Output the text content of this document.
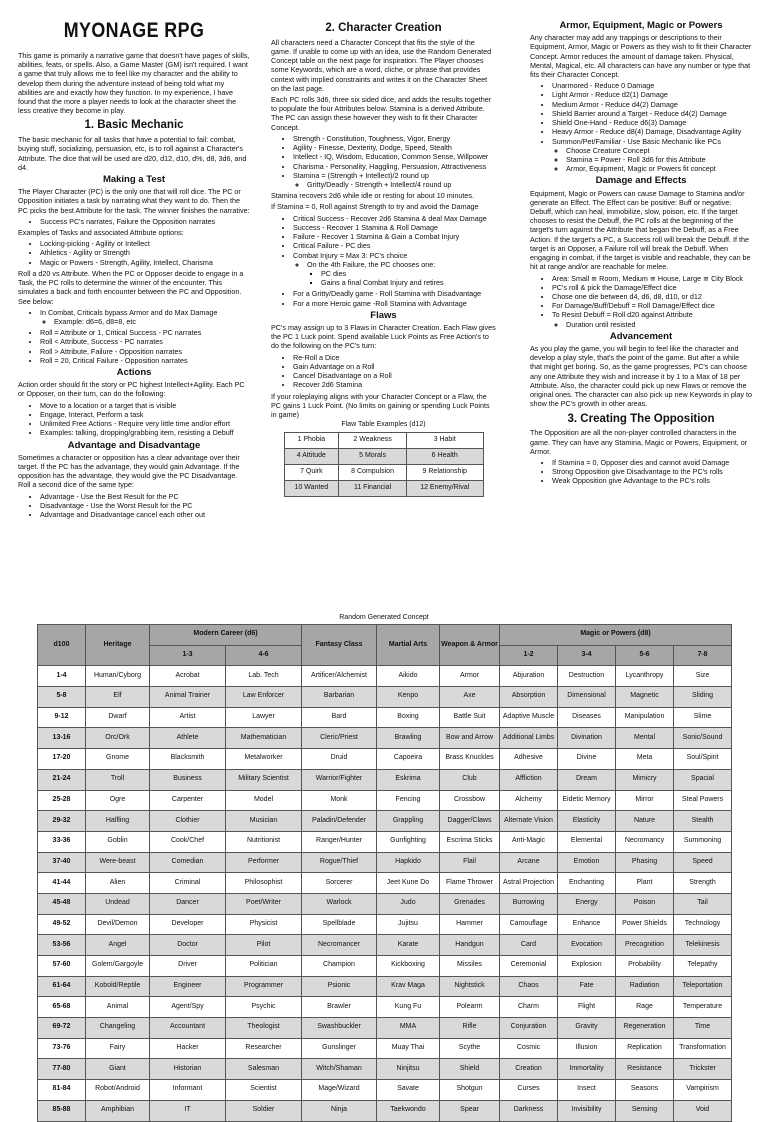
MYONAGE RPG

This game is primarily a narrative game that doesn't have pages of skills, abilities, feats, or spells. Also, a Game Master (GM) isn't required. I want a game that truly allows me to feel like my character and the ability to develop them during the adventure instead of being told what my abilities are and exactly how they function. In my experience, I have found that the more a player needs to look at the character sheet the less creative they become in play.

1. Basic Mechanic

The basic mechanic for all tasks that have a potential to fail: combat, buying stuff, socializing, persuasion, etc, is to roll against a Character's Attribute. The dice that will be used are d20, d12, d10, d%, d8, 3d6, and d4.

Making a Test

The Player Character (PC) is the only one that will roll dice. The PC or Opposition initiates a task by narrating what they want to do. Then the PC picks the best Attribute for the task. The winner finishes the narrative:

• Success PC's narrates, Failure the Opposition narrates

Examples of Tasks and associated Attribute options:

• Locking-picking - Agility or Intellect
• Athletics - Agility or Strength
• Magic or Powers - Strength, Agility, Intellect, Charisma

Roll a d20 vs Attribute. When the PC or Opposer decide to engage in a Task, the PC rolls to determine the winner of the encounter. This simulates a back and forth encounter between the PC and Opposition. See below:

• In Combat, Criticals bypass Armor and do Max Damage
◦ Example: d6=6, d8=8, etc
• Roll = Attribute or 1, Critical Success - PC narrates
• Roll < Attribute, Success - PC narrates
• Roll > Attribute, Failure - Opposition narrates
• Roll = 20, Critical Failure - Opposition narrates
Actions

Action order should fit the story or PC highest Intellect+Agility. Each PC or Opposer, on their turn, can do the following:

• Move to a location or a target that is visible
• Engage, Interact, Perform a task
• Unlimited Free Actions - Require very little time and/or effort
• Examples: talking, dropping/grabbing item, resisting a Debuff
Advantage and Disadvantage

Sometimes a character or opposition has a clear advantage over their target. If the PC has the advantage, they would gain Advantage. If the opposition has the advantage, they would give the PC Disadvantage. Roll a second dice of the same type:

• Advantage - Use the Best Result for the PC
• Disadvantage - Use the Worst Result for the PC
• Advantage and Disadvantage cancel each other out
2. Character Creation

All characters need a Character Concept that fits the style of the game. If unable to come up with an idea, use the Random Generated Concept table on the next page for inspiration. The Player chooses some Keywords, which are a word, cliche, or phrase that provides context with implied constraints and writes it on the Character Sheet on the last page.

Each PC rolls 3d6, three six sided dice, and adds the results together to populate the four Attributes below. Stamina is a derived Attribute. The PC can assign these however they wish to fit their Character Concept.

• Strength - Constitution, Toughness, Vigor, Energy
• Agility - Finesse, Dexterity, Dodge, Speed, Stealth
• Intellect - IQ, Wisdom, Education, Common Sense, Willpower
• Charisma - Personality, Haggling, Persuasion, Attractiveness
• Stamina = (Strength + Intellect)/2 round up
◦ Gritty/Deadly - Strength + Intellect/4 round up

Stamina recovers 2d6 while idle or resting for about 10 minutes.

If Stamina = 0, Roll against Strength to try and avoid the Damage

• Critical Success - Recover 2d6 Stamina & deal Max Damage
• Success - Recover 1 Stamina & Roll Damage
• Failure - Recover 1 Stamina & Gain a Combat Injury
• Critical Failure - PC dies
• Combat Injury = Max 3: PC's choice
◦ On the 4th Failure, the PC chooses one:
▪ PC dies
▪ Gains a final Combat Injury and retires
• For a Gritty/Deadly game - Roll Stamina with Disadvantage
• For a more Heroic game -Roll Stamina with Advantage
Flaws

PC's may assign up to 3 Flaws in Character Creation. Each Flaw gives the PC 1 Luck point. Spend available Luck Points as Free Action's to do the following on the PC's turn:

• Re-Roll a Dice
• Gain Advantage on a Roll
• Cancel Disadvantage on a Roll
• Recover 2d6 Stamina

If your roleplaying aligns with your Character Concept or a Flaw, the PC gains 1 Luck Point. (No limits on gaining or spending Luck Points in game)

Flaw Table Examples (d12)
1 Phobia	2 Weakness	3 Habit
4 Attitude	5 Morals	6 Health
7 Quirk	8 Compulsion	9 Relationship
10 Wanted	11 Financial	12 Enemy/Rival
Armor, Equipment, Magic or Powers

Any character may add any trappings or descriptions to their Equipment, Armor, Magic or Powers as they wish to fit their Character Concept. Armor reduces the amount of damage taken. Physical, Mental, Magical, etc. All characters can have any number or type that fits their Character Concept.

• Unarmored - Reduce 0 Damage
• Light Armor - Reduce d2(1) Damage
• Medium Armor - Reduce d4(2) Damage
• Shield Barrier around a Target - Reduce d4(2) Damage
• Shield One-Hand - Reduce d6(3) Damage
• Heavy Armor - Reduce d8(4) Damage, Disadvantage Agility
• Summon/Pet/Familiar - Use Basic Mechanic like PCs
◦ Choose Creature Concept
◦ Stamina = Power - Roll 3d6 for this Attribute
◦ Armor, Equipment, Magic or Powers fit concept
Damage and Effects

Equipment, Magic or Powers can cause Damage to Stamina and/or generate an Effect. The Effect can be positive: Buff or negative: Debuff, which can heal, immobilize, slow, poison, etc. If the target chooses to resist the Debuff, the PC rolls at the beginning of the target's turn against the Attribute that began the Debuff, as a Free Action. If the target's a PC, a Success roll will break the Debuff. If the target is an Opposer, a Failure roll will break the Debuff. When engaging in combat, if the target is visible and reachable, they can be hit at range and/or are reachable for melee.

• Area: Small ≅ Room, Medium ≅ House, Large ≅ City Block
• PC's roll & pick the Damage/Effect dice
• Chose one die between d4, d6, d8, d10, or d12
• For Damage/Buff/Debuff = Roll Damage/Effect dice
• To Resist Debuff = Roll d20 against Attribute
◦ Duration until resisted
Advancement

As you play the game, you will begin to feel like the character and develop a play style, that's the point of the game. But after a while that might get boring. So, as the game progresses, PC's can choose any one Attribute they wish and increase it by 1 to a Max of 18 per Attribute. Also, the character could pick up new Flaws or remove the original ones. The character can also pick up new Keywords in play to show the PC's growth in other areas.

3. Creating The Opposition

The Opposition are all the non-player controlled characters in the game. They can have any Stamina, Magic or Powers, Equipment, or Armor.

• If Stamina = 0, Opposer dies and cannot avoid Damage
• Strong Opposition give Disadvantage to the PC's rolls
• Weak Opposition give Advantage to the PC's rolls
Random Generated Concept
d100	Heritage	Modern Career (d6)		Fantasy Class	Martial Arts	Weapon & Armor	Magic or Powers (d8)			
		1-3	4-6				1-2	3-4	5-6	7-8
1-4	Human/Cyborg	Acrobat	Lab. Tech	Artificer/Alchemist	Aikido	Armor	Abjuration	Destruction	Lycanthropy	Size
5-8	Elf	Animal Trainer	Law Enforcer	Barbarian	Kenpo	Axe	Absorption	Dimensional	Magnetic	Sliding
9-12	Dwarf	Artist	Lawyer	Bard	Boxing	Battle Suit	Adaptive Muscle	Diseases	Manipulation	Slime
13-16	Orc/Ork	Athlete	Mathematician	Cleric/Priest	Brawling	Bow and Arrow	Additional Limbs	Divination	Mental	Sonic/Sound
17-20	Gnome	Blacksmith	Metalworker	Druid	Capoeira	Brass Knuckles	Adhesive	Divine	Meta	Soul/Spirit
21-24	Troll	Business	Military Scientist	Warrior/Fighter	Eskrima	Club	Affliction	Dream	Mimicry	Spacial
25-28	Ogre	Carpenter	Model	Monk	Fencing	Crossbow	Alchemy	Eidetic Memory	Mirror	Steal Powers
29-32	Halfling	Clothier	Musician	Paladin/Defender	Grappling	Dagger/Claws	Alternate Vision	Elasticity	Nature	Stealth
33-36	Goblin	Cook/Chef	Nutritionist	Ranger/Hunter	Gunfighting	Escrima Sticks	Anti-Magic	Elemental	Necromancy	Summoning
37-40	Were-beast	Comedian	Performer	Rogue/Thief	Hapkido	Flail	Arcane	Emotion	Phasing	Speed
41-44	Alien	Criminal	Philosophist	Sorcerer	Jeet Kune Do	Flame Thrower	Astral Projection	Enchanting	Plant	Strength
45-48	Undead	Dancer	Poet/Writer	Warlock	Judo	Grenades	Burrowing	Energy	Poison	Tail
49-52	Devil/Demon	Developer	Physicist	Spellblade	Jujitsu	Hammer	Camouflage	Enhance	Power Shields	Technology
53-56	Angel	Doctor	Pilot	Necromancer	Karate	Handgun	Card	Evocation	Precognition	Telekinesis
57-60	Golem/Gargoyle	Driver	Politician	Champion	Kickboxing	Missiles	Ceremonial	Explosion	Probability	Telepathy
61-64	Kobold/Reptile	Engineer	Programmer	Psionic	Krav Maga	Nightstick	Chaos	Fate	Radiation	Teleportation
65-68	Animal	Agent/Spy	Psychic	Brawler	Kung Fu	Polearm	Charm	Flight	Rage	Temperature
69-72	Changeling	Accountant	Theologist	Swashbuckler	MMA	Rifle	Conjuration	Gravity	Regeneration	Time
73-76	Fairy	Hacker	Researcher	Gunslinger	Muay Thai	Scythe	Cosmic	Illusion	Replication	Transformation
77-80	Giant	Historian	Salesman	Witch/Shaman	Ninjitsu	Shield	Creation	Immortality	Resistance	Trickster
81-84	Robot/Android	Informant	Scientist	Mage/Wizard	Savate	Shotgun	Curses	Insect	Seasons	Vampirism
85-88	Amphibian	IT	Soldier	Ninja	Taekwondo	Spear	Darkness	Invisibility	Sensing	Void
